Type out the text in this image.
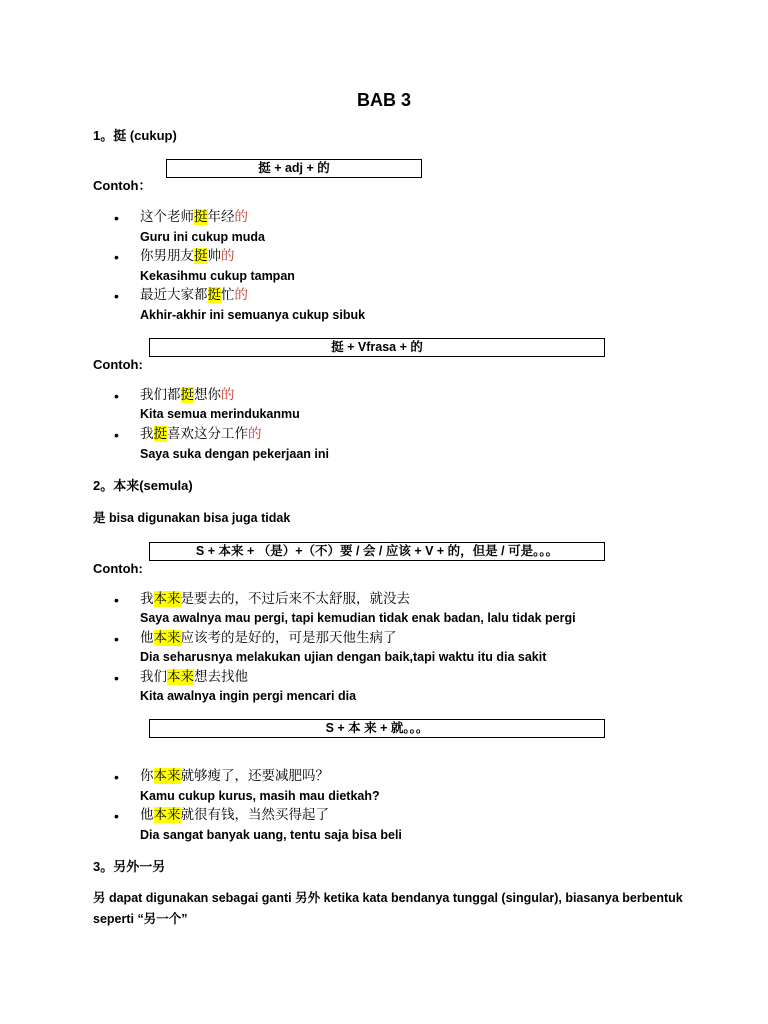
BAB 3
1。挺 (cukup)
挺 + adj + 的
Contoh：
• 这个老师挺年经的
Guru ini cukup muda
• 你男朋友挺帅的
Kekasihmu cukup tampan
• 最近大家都挺忙的
Akhir-akhir ini semuanya cukup sibuk
挺 + Vfrasa + 的
Contoh:
• 我们都挺想你的
Kita semua merindukanmu
• 我挺喜欢这分工作的
Saya suka dengan pekerjaan ini
2。本来(semula)
是 bisa digunakan bisa juga tidak
S + 本来 + （是）+（不）要 / 会 / 应该 + V + 的，但是 / 可是。。。
Contoh:
• 我本来是要去的，不过后来不太舒服，就没去
Saya awalnya mau pergi, tapi kemudian tidak enak badan, lalu tidak pergi
• 他本来应该考的是好的，可是那天他生病了
Dia seharusnya melakukan ujian dengan baik,tapi waktu itu dia sakit
• 我们本来想去找他
Kita awalnya ingin pergi mencari dia
S + 本 来 + 就。。。
• 你本来就够瘦了，还要减肥吗？
Kamu cukup kurus, masih mau dietkah?
• 他本来就很有钱，当然买得起了
Dia sangat banyak uang, tentu saja bisa beli
3。另外一另
另 dapat digunakan sebagai ganti 另外 ketika kata bendanya tunggal (singular), biasanya berbentuk
seperti “另一个”
